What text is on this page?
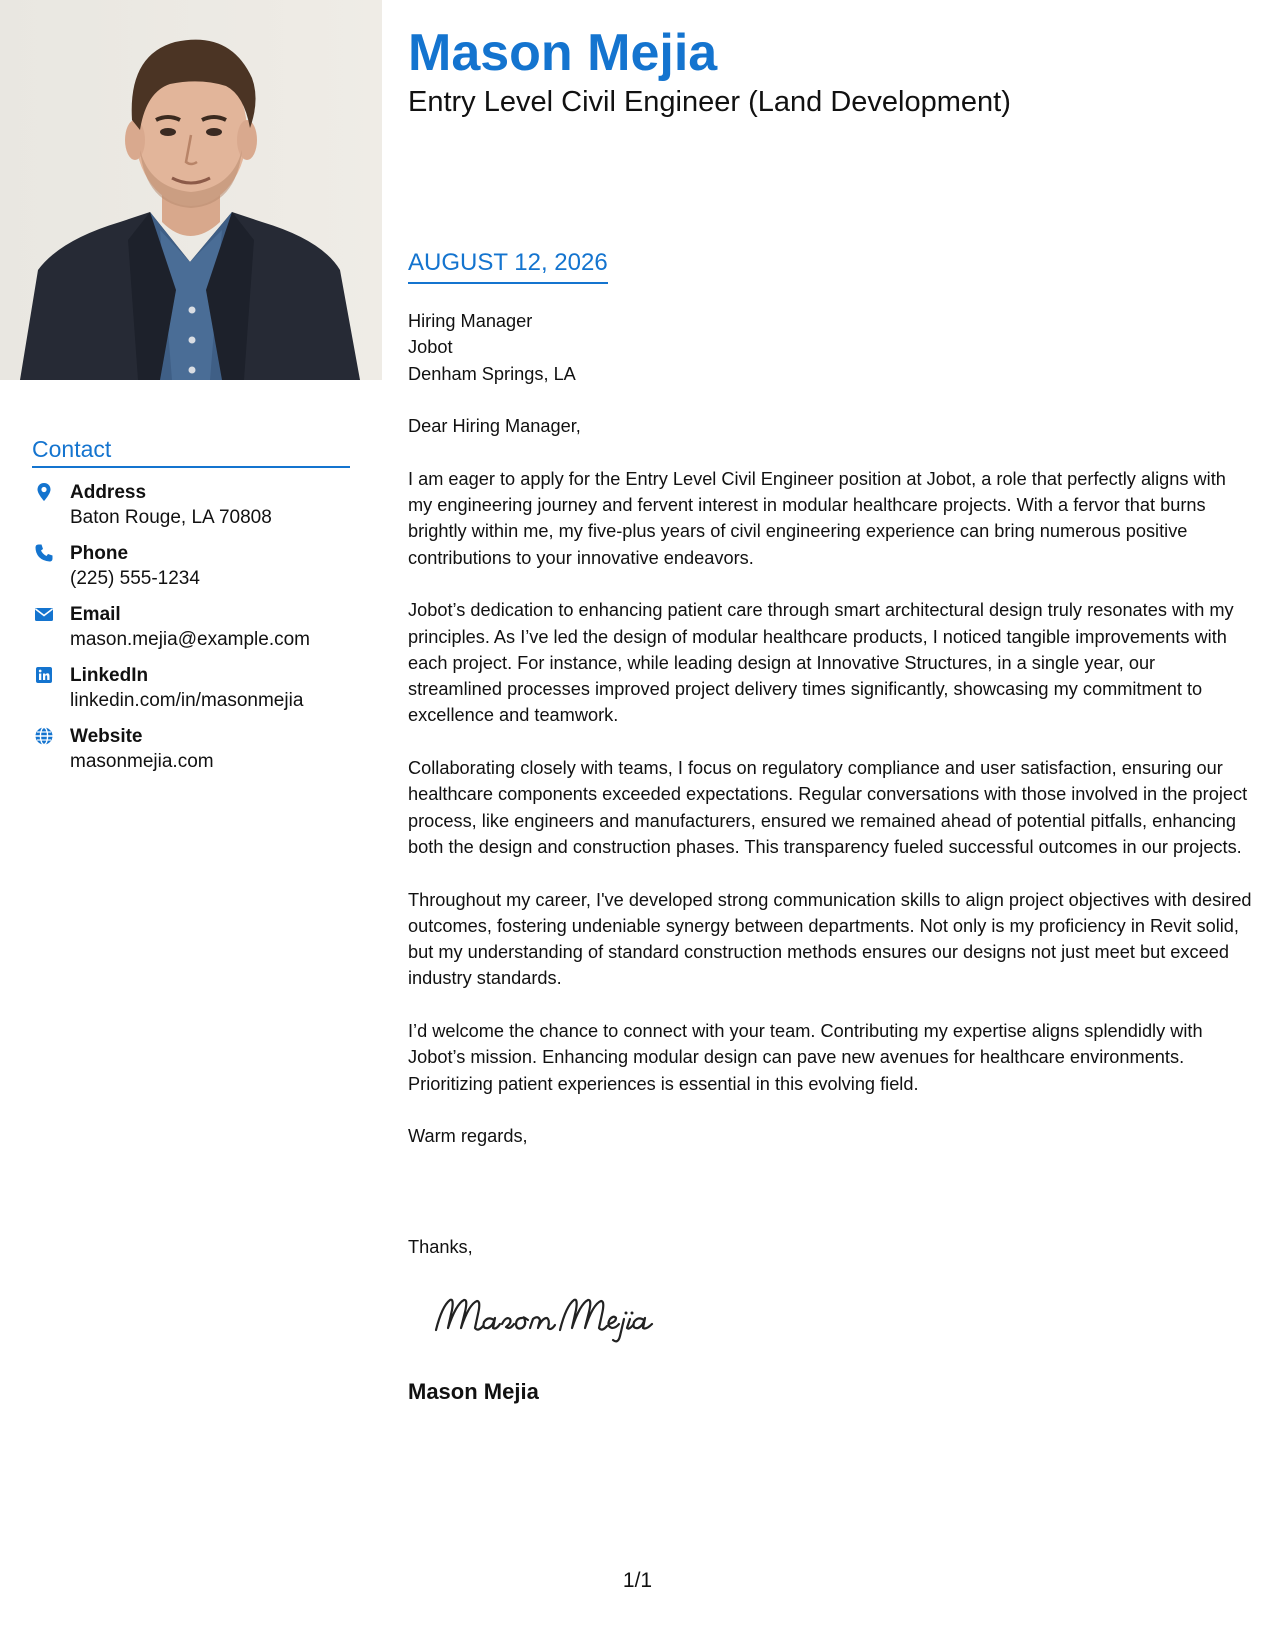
Contact
Address
Baton Rouge, LA 70808
Phone
(225) 555-1234
Email
mason.mejia@example.com
LinkedIn
linkedin.com/in/masonmejia
Website
masonmejia.com
Mason Mejia
Entry Level Civil Engineer (Land Development)
AUGUST 12, 2026
Hiring Manager
Jobot
Denham Springs, LA

Dear Hiring Manager,

I am eager to apply for the Entry Level Civil Engineer position at Jobot, a role that perfectly aligns with my engineering journey and fervent interest in modular healthcare projects. With a fervor that burns brightly within me, my five-plus years of civil engineering experience can bring numerous positive contributions to your innovative endeavors.

Jobot’s dedication to enhancing patient care through smart architectural design truly resonates with my principles. As I’ve led the design of modular healthcare products, I noticed tangible improvements with each project. For instance, while leading design at Innovative Structures, in a single year, our streamlined processes improved project delivery times significantly, showcasing my commitment to excellence and teamwork.

Collaborating closely with teams, I focus on regulatory compliance and user satisfaction, ensuring our healthcare components exceeded expectations. Regular conversations with those involved in the project process, like engineers and manufacturers, ensured we remained ahead of potential pitfalls, enhancing both the design and construction phases. This transparency fueled successful outcomes in our projects.

Throughout my career, I've developed strong communication skills to align project objectives with desired outcomes, fostering undeniable synergy between departments. Not only is my proficiency in Revit solid, but my understanding of standard construction methods ensures our designs not just meet but exceed industry standards.

I’d welcome the chance to connect with your team. Contributing my expertise aligns splendidly with Jobot’s mission. Enhancing modular design can pave new avenues for healthcare environments. Prioritizing patient experiences is essential in this evolving field.

Warm regards,

Thanks,
Mason Mejia
1/1
